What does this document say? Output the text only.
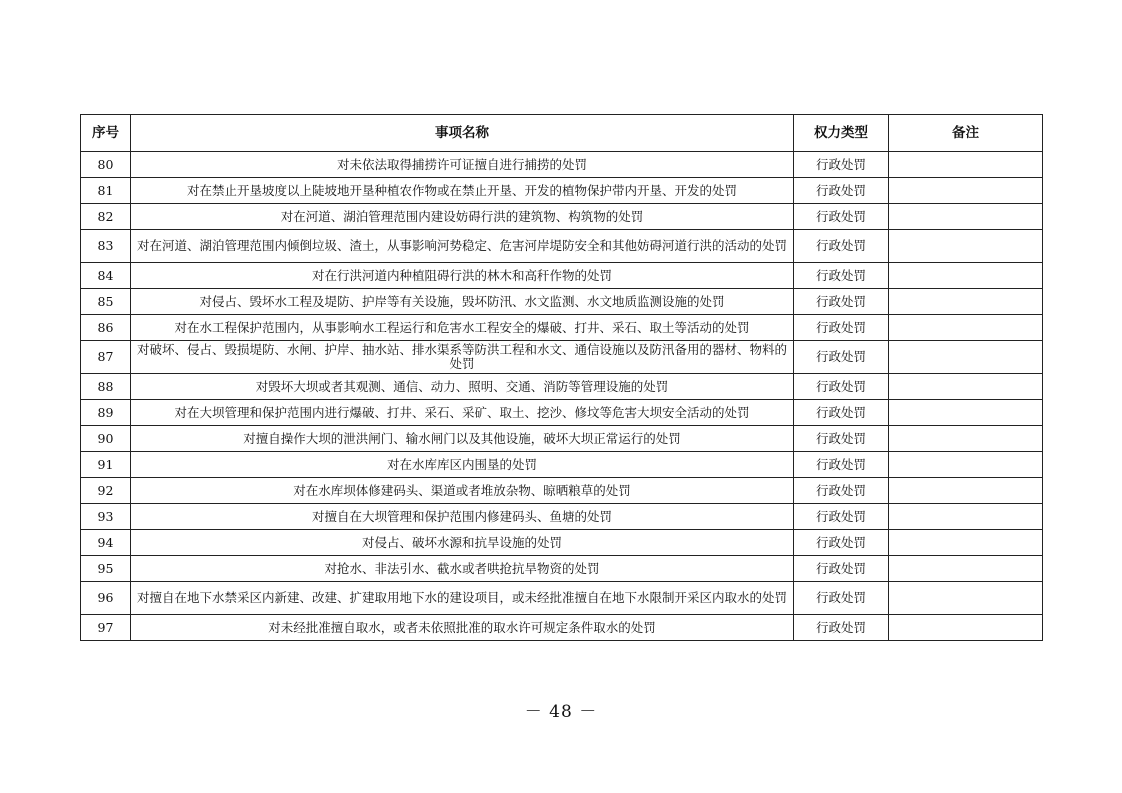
序号	事项名称	权力类型	备注
80	对未依法取得捕捞许可证擅自进行捕捞的处罚	行政处罚	
81	对在禁止开垦坡度以上陡坡地开垦种植农作物或在禁止开垦、开发的植物保护带内开垦、开发的处罚	行政处罚	
82	对在河道、湖泊管理范围内建设妨碍行洪的建筑物、构筑物的处罚	行政处罚	
83	对在河道、湖泊管理范围内倾倒垃圾、渣土，从事影响河势稳定、危害河岸堤防安全和其他妨碍河道行洪的活动的处罚	行政处罚	
84	对在行洪河道内种植阻碍行洪的林木和高秆作物的处罚	行政处罚	
85	对侵占、毁坏水工程及堤防、护岸等有关设施，毁坏防汛、水文监测、水文地质监测设施的处罚	行政处罚	
86	对在水工程保护范围内，从事影响水工程运行和危害水工程安全的爆破、打井、采石、取土等活动的处罚	行政处罚	
87	对破坏、侵占、毁损堤防、水闸、护岸、抽水站、排水渠系等防洪工程和水文、通信设施以及防汛备用的器材、物料的处罚	行政处罚	
88	对毁坏大坝或者其观测、通信、动力、照明、交通、消防等管理设施的处罚	行政处罚	
89	对在大坝管理和保护范围内进行爆破、打井、采石、采矿、取土、挖沙、修坟等危害大坝安全活动的处罚	行政处罚	
90	对擅自操作大坝的泄洪闸门、输水闸门以及其他设施，破坏大坝正常运行的处罚	行政处罚	
91	对在水库库区内围垦的处罚	行政处罚	
92	对在水库坝体修建码头、渠道或者堆放杂物、晾晒粮草的处罚	行政处罚	
93	对擅自在大坝管理和保护范围内修建码头、鱼塘的处罚	行政处罚	
94	对侵占、破坏水源和抗旱设施的处罚	行政处罚	
95	对抢水、非法引水、截水或者哄抢抗旱物资的处罚	行政处罚	
96	对擅自在地下水禁采区内新建、改建、扩建取用地下水的建设项目，或未经批准擅自在地下水限制开采区内取水的处罚	行政处罚	
97	对未经批准擅自取水，或者未依照批准的取水许可规定条件取水的处罚	行政处罚	
－ 48 －
